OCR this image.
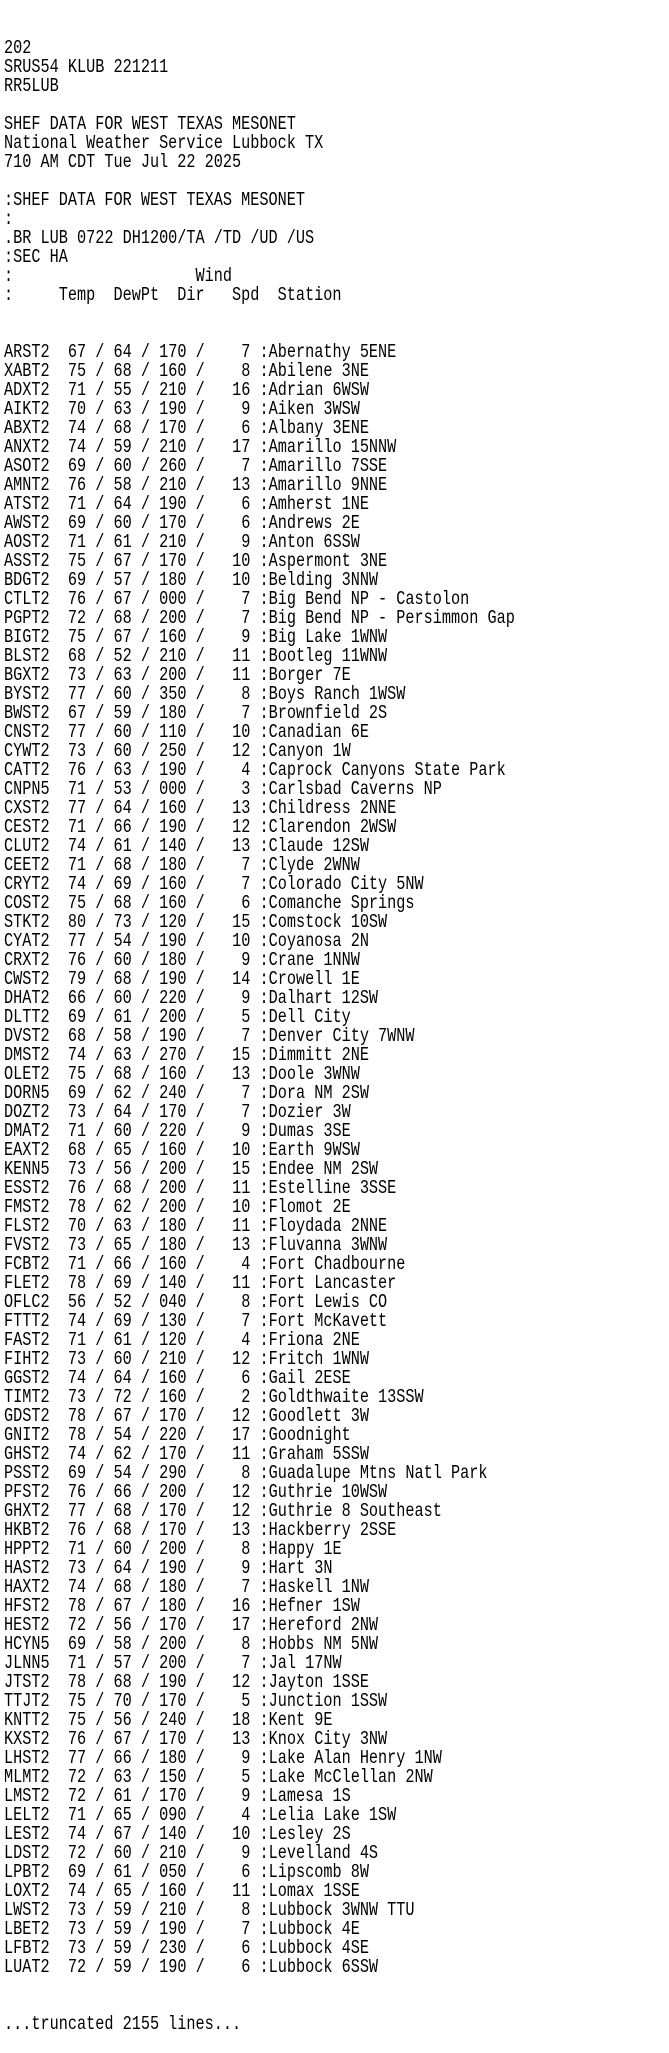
202
SRUS54 KLUB 221211
RR5LUB
SHEF DATA FOR WEST TEXAS MESONET
National Weather Service Lubbock TX
710 AM CDT Tue Jul 22 2025
:SHEF DATA FOR WEST TEXAS MESONET
:
.BR LUB 0722 DH1200/TA /TD /UD /US
:SEC HA
:                    Wind
:     Temp  DewPt  Dir   Spd  Station

ARST2 67 / 64 / 170 /    7 :Abernathy 5ENE
XABT2 75 / 68 / 160 /    8 :Abilene 3NE
ADXT2 71 / 55 / 210 /   16 :Adrian 6WSW
AIKT2 70 / 63 / 190 /    9 :Aiken 3WSW
ABXT2 74 / 68 / 170 /    6 :Albany 3ENE
ANXT2 74 / 59 / 210 /   17 :Amarillo 15NNW
ASOT2 69 / 60 / 260 /    7 :Amarillo 7SSE
AMNT2 76 / 58 / 210 /   13 :Amarillo 9NNE
ATST2 71 / 64 / 190 /    6 :Amherst 1NE
AWST2 69 / 60 / 170 /    6 :Andrews 2E
AOST2 71 / 61 / 210 /    9 :Anton 6SSW
ASST2 75 / 67 / 170 /   10 :Aspermont 3NE
BDGT2 69 / 57 / 180 /   10 :Belding 3NNW
CTLT2 76 / 67 / 000 /    7 :Big Bend NP - Castolon
PGPT2 72 / 68 / 200 /    7 :Big Bend NP - Persimmon Gap
BIGT2 75 / 67 / 160 /    9 :Big Lake 1WNW
BLST2 68 / 52 / 210 /   11 :Bootleg 11WNW
BGXT2 73 / 63 / 200 /   11 :Borger 7E
BYST2 77 / 60 / 350 /    8 :Boys Ranch 1WSW
BWST2 67 / 59 / 180 /    7 :Brownfield 2S
CNST2 77 / 60 / 110 /   10 :Canadian 6E
CYWT2 73 / 60 / 250 /   12 :Canyon 1W
CATT2 76 / 63 / 190 /    4 :Caprock Canyons State Park
CNPN5 71 / 53 / 000 /    3 :Carlsbad Caverns NP
CXST2 77 / 64 / 160 /   13 :Childress 2NNE
CEST2 71 / 66 / 190 /   12 :Clarendon 2WSW
CLUT2 74 / 61 / 140 /   13 :Claude 12SW
CEET2 71 / 68 / 180 /    7 :Clyde 2WNW
CRYT2 74 / 69 / 160 /    7 :Colorado City 5NW
COST2 75 / 68 / 160 /    6 :Comanche Springs
STKT2 80 / 73 / 120 /   15 :Comstock 10SW
CYAT2 77 / 54 / 190 /   10 :Coyanosa 2N
CRXT2 76 / 60 / 180 /    9 :Crane 1NNW
CWST2 79 / 68 / 190 /   14 :Crowell 1E
DHAT2 66 / 60 / 220 /    9 :Dalhart 12SW
DLTT2 69 / 61 / 200 /    5 :Dell City
DVST2 68 / 58 / 190 /    7 :Denver City 7WNW
DMST2 74 / 63 / 270 /   15 :Dimmitt 2NE
OLET2 75 / 68 / 160 /   13 :Doole 3WNW
DORN5 69 / 62 / 240 /    7 :Dora NM 2SW
DOZT2 73 / 64 / 170 /    7 :Dozier 3W
DMAT2 71 / 60 / 220 /    9 :Dumas 3SE
EAXT2 68 / 65 / 160 /   10 :Earth 9WSW
KENN5 73 / 56 / 200 /   15 :Endee NM 2SW
ESST2 76 / 68 / 200 /   11 :Estelline 3SSE
FMST2 78 / 62 / 200 /   10 :Flomot 2E
FLST2 70 / 63 / 180 /   11 :Floydada 2NNE
FVST2 73 / 65 / 180 /   13 :Fluvanna 3WNW
FCBT2 71 / 66 / 160 /    4 :Fort Chadbourne
FLET2 78 / 69 / 140 /   11 :Fort Lancaster
OFLC2 56 / 52 / 040 /    8 :Fort Lewis CO
FTTT2 74 / 69 / 130 /    7 :Fort McKavett
FAST2 71 / 61 / 120 /    4 :Friona 2NE
FIHT2 73 / 60 / 210 /   12 :Fritch 1WNW
GGST2 74 / 64 / 160 /    6 :Gail 2ESE
TIMT2 73 / 72 / 160 /    2 :Goldthwaite 13SSW
GDST2 78 / 67 / 170 /   12 :Goodlett 3W
GNIT2 78 / 54 / 220 /   17 :Goodnight
GHST2 74 / 62 / 170 /   11 :Graham 5SSW
PSST2 69 / 54 / 290 /    8 :Guadalupe Mtns Natl Park
PFST2 76 / 66 / 200 /   12 :Guthrie 10WSW
GHXT2 77 / 68 / 170 /   12 :Guthrie 8 Southeast
HKBT2 76 / 68 / 170 /   13 :Hackberry 2SSE
HPPT2 71 / 60 / 200 /    8 :Happy 1E
HAST2 73 / 64 / 190 /    9 :Hart 3N
HAXT2 74 / 68 / 180 /    7 :Haskell 1NW
HFST2 78 / 67 / 180 /   16 :Hefner 1SW
HEST2 72 / 56 / 170 /   17 :Hereford 2NW
HCYN5 69 / 58 / 200 /    8 :Hobbs NM 5NW
JLNN5 71 / 57 / 200 /    7 :Jal 17NW
JTST2 78 / 68 / 190 /   12 :Jayton 1SSE
TTJT2 75 / 70 / 170 /    5 :Junction 1SSW
KNTT2 75 / 56 / 240 /   18 :Kent 9E
KXST2 76 / 67 / 170 /   13 :Knox City 3NW
LHST2 77 / 66 / 180 /    9 :Lake Alan Henry 1NW
MLMT2 72 / 63 / 150 /    5 :Lake McClellan 2NW
LMST2 72 / 61 / 170 /    9 :Lamesa 1S
LELT2 71 / 65 / 090 /    4 :Lelia Lake 1SW
LEST2 74 / 67 / 140 /   10 :Lesley 2S
LDST2 72 / 60 / 210 /    9 :Levelland 4S
LPBT2 69 / 61 / 050 /    6 :Lipscomb 8W
LOXT2 74 / 65 / 160 /   11 :Lomax 1SSE
LWST2 73 / 59 / 210 /    8 :Lubbock 3WNW TTU
LBET2 73 / 59 / 190 /    7 :Lubbock 4E
LFBT2 73 / 59 / 230 /    6 :Lubbock 4SE
LUAT2 72 / 59 / 190 /    6 :Lubbock 6SSW

...truncated 2155 lines...
